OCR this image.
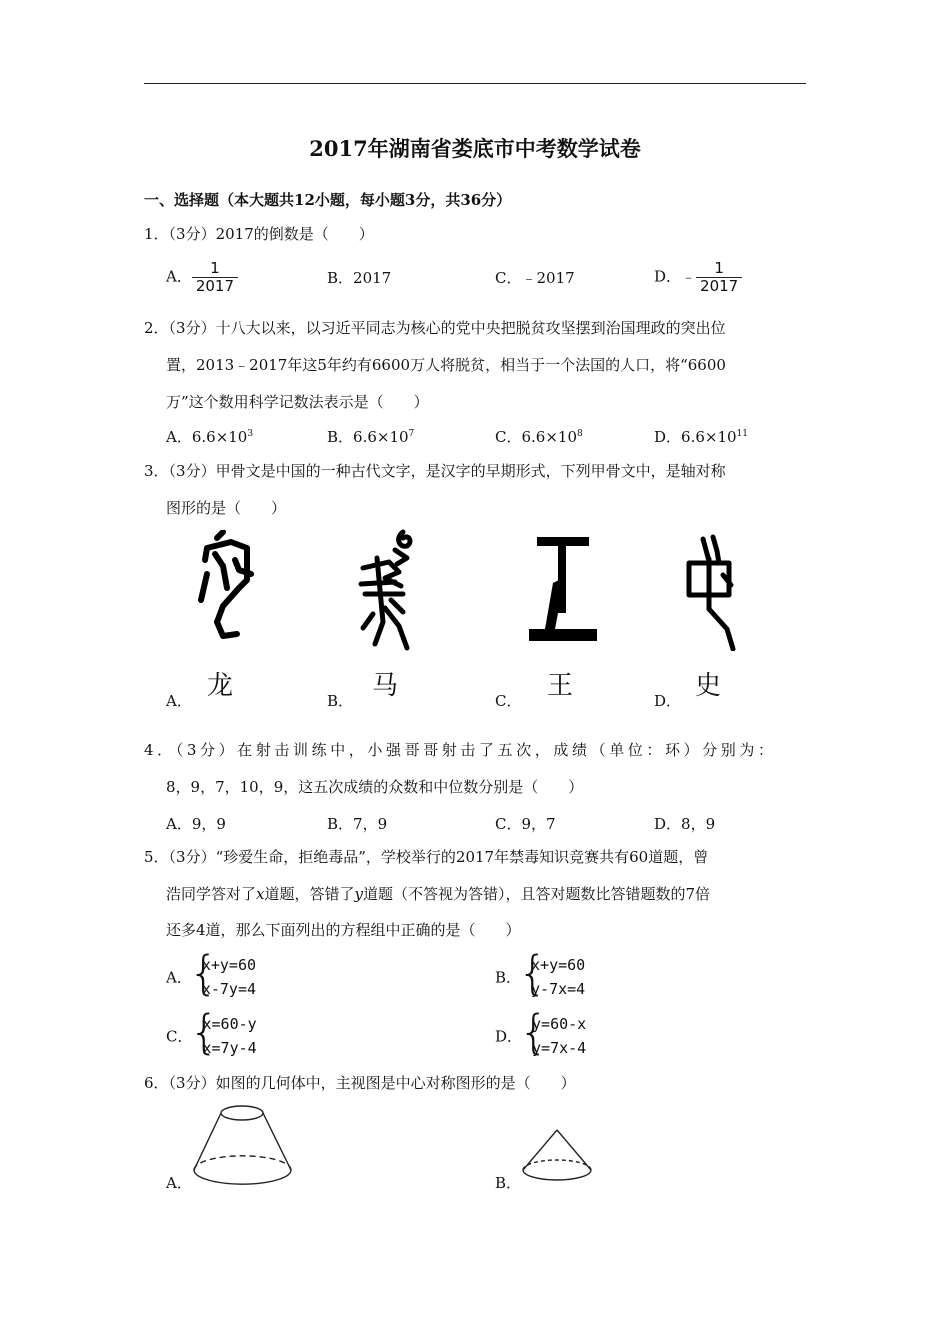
2017年湖南省娄底市中考数学试卷
一、选择题（本大题共12小题，每小题3分，共36分）
1．（3分）2017的倒数是（　　）
A． $\frac{1}{2017}$	B．2017	C．﹣2017	D．﹣ $\frac{1}{2017}$
2．（3分）十八大以来，以习近平同志为核心的党中央把脱贫攻坚摆到治国理政的突出位
置，2013﹣2017年这5年约有6600万人将脱贫，相当于一个法国的人口，将“6600
万”这个数用科学记数法表示是（　　）
A．$6.6\times 10^3$	B．$6.6\times 10^7$	C．$6.6\times 10^8$	D．$6.6\times 10^{11}$
3．（3分）甲骨文是中国的一种古代文字，是汉字的早期形式，下列甲骨文中，是轴对称
图形的是（　　）
A． 龙	B． 马	C． 王	D． 史
4．（3分）在射击训练中，小强哥哥射击了五次，成绩（单位：环）分别为：
8，9，7，10，9，这五次成绩的众数和中位数分别是（　　）
A．9，9	B．7，9	C．9，7	D．8，9
5．（3分）“珍爱生命，拒绝毒品”，学校举行的2017年禁毒知识竞赛共有60道题，曾
浩同学答对了x道题，答错了y道题（不答视为答错），且答对题数比答错题数的7倍
还多4道，那么下面列出的方程组中正确的是（　　）
A．
{ x+y=60
x-7y=4
B．
{ x+y=60
y-7x=4
C．
{ x=60-y
x=7y-4
D．
{ y=60-x
y=7x-4
6．（3分）如图的几何体中，主视图是中心对称图形的是（　　）
A．	B．
